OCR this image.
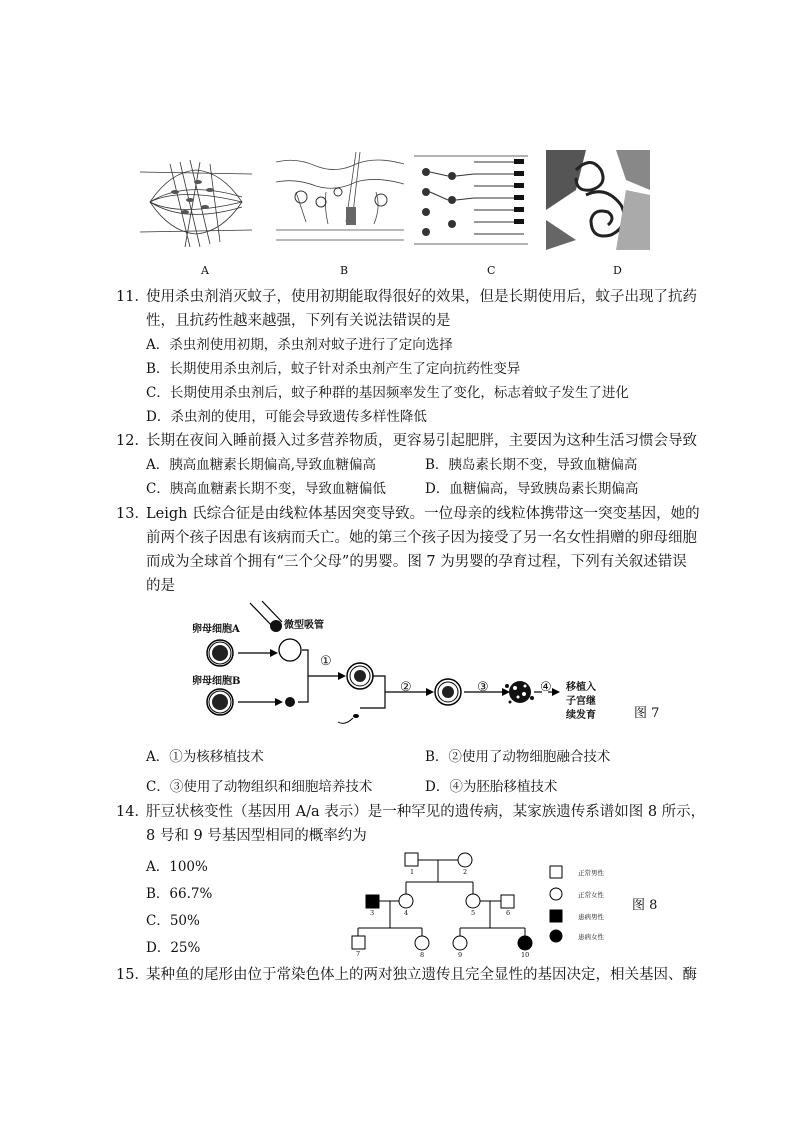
A	B	C	D
11．
使用杀虫剂消灭蚊子，使用初期能取得很好的效果，但是长期使用后，蚊子出现了抗药
性，且抗药性越来越强，下列有关说法错误的是
A．杀虫剂使用初期，杀虫剂对蚊子进行了定向选择
B．长期使用杀虫剂后，蚊子针对杀虫剂产生了定向抗药性变异
C．长期使用杀虫剂后，蚊子种群的基因频率发生了变化，标志着蚊子发生了进化
D．杀虫剂的使用，可能会导致遗传多样性降低
12．
长期在夜间入睡前摄入过多营养物质，更容易引起肥胖，主要因为这种生活习惯会导致
A．胰高血糖素长期偏高,导致血糖偏高	B．胰岛素长期不变，导致血糖偏高
C．胰高血糖素长期不变，导致血糖偏低	D．血糖偏高，导致胰岛素长期偏高
13．
Leigh 氏综合征是由线粒体基因突变导致。一位母亲的线粒体携带这一突变基因，她的
前两个孩子因患有该病而夭亡。她的第三个孩子因为接受了另一名女性捐赠的卵母细胞
而成为全球首个拥有“三个父母”的男婴。图 7 为男婴的孕育过程，下列有关叙述错误
的是
卵母细胞A
卵母细胞B
微型吸管
①
②	③	④ 移植入
子宫继
续发育	图 7
A．①为核移植技术	B．②使用了动物细胞融合技术
C．③使用了动物组织和细胞培养技术	D．④为胚胎移植技术
14．
肝豆状核变性（基因用 A/a 表示）是一种罕见的遗传病，某家族遗传系谱如图 8 所示，
8 号和 9 号基因型相同的概率约为
A．100%
B．66.7%
C．50%
D．25%
1	2
3	4	5	6
7	8	9	10
正常男性
正常女性
患病男性
患病女性
图 8
15．
某种鱼的尾形由位于常染色体上的两对独立遗传且完全显性的基因决定，相关基因、酶
